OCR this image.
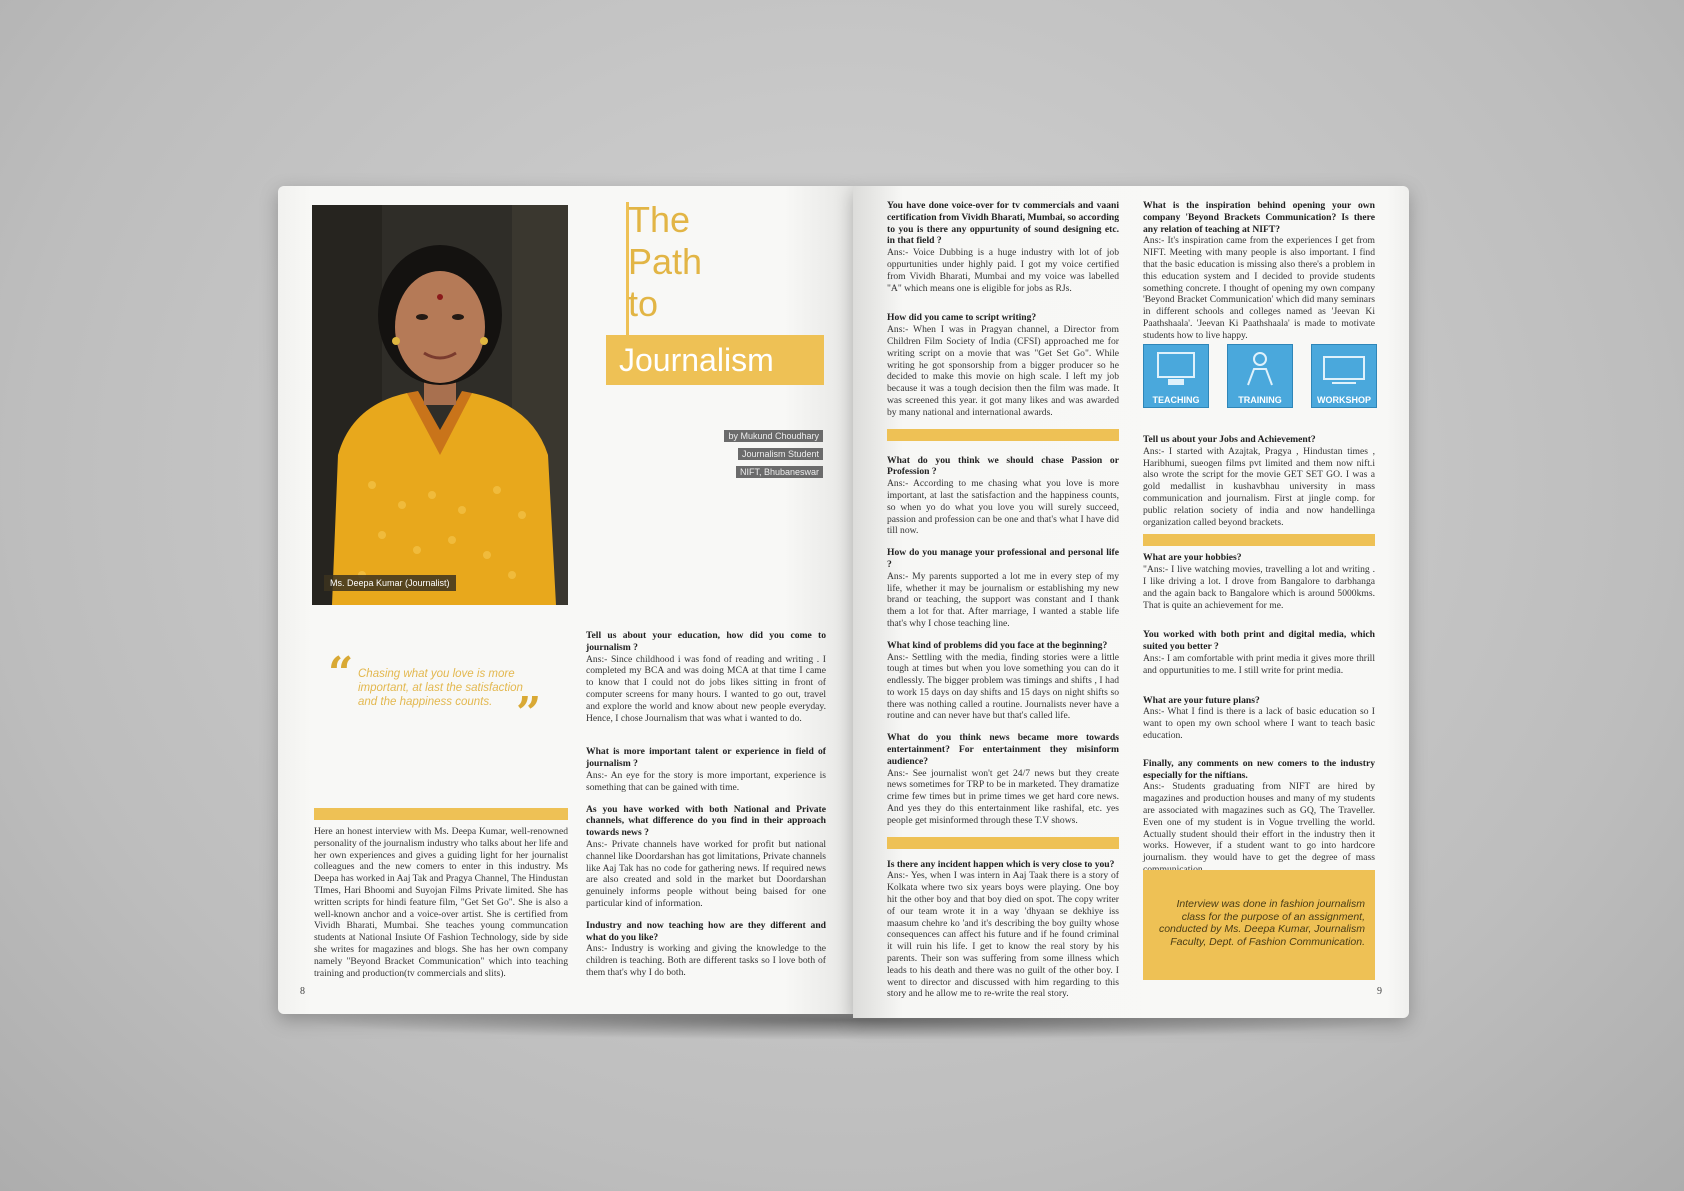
Ms. Deepa Kumar (Journalist)
The
Path
to
Journalism
by Mukund Choudhary
Journalism Student
NIFT, Bhubaneswar
“ Chasing what you love is more important, at last the satisfaction and the happiness counts. ”
Here an honest interview with Ms. Deepa Kumar, well-renowned personality of the journalism industry who talks about her life and her own experiences and gives a guiding light for her journalist colleagues and the new comers to enter in this industry. Ms Deepa has worked in Aaj Tak and Pragya Channel, The Hindustan TImes, Hari Bhoomi and Suyojan Films Private limited. She has written scripts for hindi feature film, "Get Set Go". She is also a well-known anchor and a voice-over artist. She is certified from Vividh Bharati, Mumbai. She teaches young communcation students at National Insiute Of Fashion Technology, side by side she writes for magazines and blogs. She has her own company namely "Beyond Bracket Communication" which into teaching training and production(tv commercials and slits).
Tell us about your education, how did you come to journalism ?
Ans:- Since childhood i was fond of reading and writing . I completed my BCA and was doing MCA at that time I came to know that I could not do jobs likes sitting in front of computer screens for many hours. I wanted to go out, travel and explore the world and know about new people everyday. Hence, I chose Journalism that was what i wanted to do.
What is more important talent or experience in field of journalism ?
Ans:- An eye for the story is more important, experience is something that can be gained with time.
As you have worked with both National and Private channels, what difference do you find in their approach towards news ?
Ans:- Private channels have worked for profit but national channel like Doordarshan has got limitations, Private channels like Aaj Tak has no code for gathering news. If required news are also created and sold in the market but Doordarshan genuinely informs people without being baised for one particular kind of information.
Industry and now teaching how are they different and what do you like?
Ans:- Industry is working and giving the knowledge to the children is teaching. Both are different tasks so I love both of them that's why I do both.
8
You have done voice-over for tv commercials and vaani certification from Vividh Bharati, Mumbai, so according to you is there any oppurtunity of sound designing etc. in that field ?
Ans:- Voice Dubbing is a huge industry with lot of job oppurtunities under highly paid. I got my voice certified from Vividh Bharati, Mumbai and my voice was labelled "A" which means one is eligible for jobs as RJs.
How did you came to script writing?
Ans:- When I was in Pragyan channel, a Director from Children Film Society of India (CFSI) approached me for writing script on a movie that was "Get Set Go". While writing he got sponsorship from a bigger producer so he decided to make this movie on high scale. I left my job because it was a tough decision then the film was made. It was screened this year. it got many likes and was awarded by many national and international awards.
What do you think we should chase Passion or Profession ?
Ans:- According to me chasing what you love is more important, at last the satisfaction and the happiness counts, so when yo do what you love you will surely succeed, passion and profession can be one and that's what I have did till now.
How do you manage your professional and personal life ?
Ans:- My parents supported a lot me in every step of my life, whether it may be journalism or establishing my new brand or teaching, the support was constant and I thank them a lot for that. After marriage, I wanted a stable life that's why I chose teaching line.
What kind of problems did you face at the beginning?
Ans:- Settling with the media, finding stories were a little tough at times but when you love something you can do it endlessly. The bigger problem was timings and shifts , I had to work 15 days on day shifts and 15 days on night shifts so there was nothing called a routine. Journalists never have a routine and can never have but that's called life.
What do you think news became more towards entertainment? For entertainment they misinform audience?
Ans:- See journalist won't get 24/7 news but they create news sometimes for TRP to be in marketed. They dramatize crime few times but in prime times we get hard core news. And yes they do this entertainment like rashifal, etc. yes people get misinformed through these T.V shows.
Is there any incident happen which is very close to you?
Ans:- Yes, when I was intern in Aaj Taak there is a story of Kolkata where two six years boys were playing. One boy hit the other boy and that boy died on spot. The copy writer of our team wrote it in a way 'dhyaan se dekhiye iss maasum chehre ko 'and it's describing the boy guilty whose consequences can affect his future and if he found criminal it will ruin his life. I get to know the real story by his parents. Their son was suffering from some illness which leads to his death and there was no guilt of the other boy. I went to director and discussed with him regarding to this story and he allow me to re-write the real story.
What is the inspiration behind opening your own company 'Beyond Brackets Communication? Is there any relation of teaching at NIFT?
Ans:- It's inspiration came from the experiences I get from NIFT. Meeting with many people is also important. I find that the basic education is missing also there's a problem in this education system and I decided to provide students something concrete. I thought of opening my own company 'Beyond Bracket Communication' which did many seminars in different schools and colleges named as 'Jeevan Ki Paathshaala'. 'Jeevan Ki Paathshaala' is made to motivate students how to live happy.
TEACHING	TRAINING	WORKSHOP
Tell us about your Jobs and Achievement?
Ans:- I started with Azajtak, Pragya , Hindustan times , Haribhumi, sueogen films pvt limited and them now nift.i also wrote the script for the movie GET SET GO. I was a gold medallist in kushavbhau university in mass communication and journalism. First at jingle comp. for public relation society of india and now handellinga organization called beyond brackets.
What are your hobbies?
"Ans:- I live watching movies, travelling a lot and writing . I like driving a lot. I drove from Bangalore to darbhanga and the again back to Bangalore which is around 5000kms. That is quite an achievement for me.
You worked with both print and digital media, which suited you better ?
Ans:- I am comfortable with print media it gives more thrill and oppurtunities to me. I still write for print media.
What are your future plans?
Ans:- What I find is there is a lack of basic education so I want to open my own school where I want to teach basic education.
Finally, any comments on new comers to the industry especially for the niftians.
Ans:- Students graduating from NIFT are hired by magazines and production houses and many of my students are associated with magazines such as GQ, The Traveller. Even one of my student is in Vogue trvelling the world. Actually student should their effort in the industry then it works. However, if a student want to go into hardcore journalism. they would have to get the degree of mass
Interview was done in fashion journalism class for the purpose of an assignment, conducted by Ms. Deepa Kumar, Journalism Faculty, Dept. of Fashion Communication.
9
